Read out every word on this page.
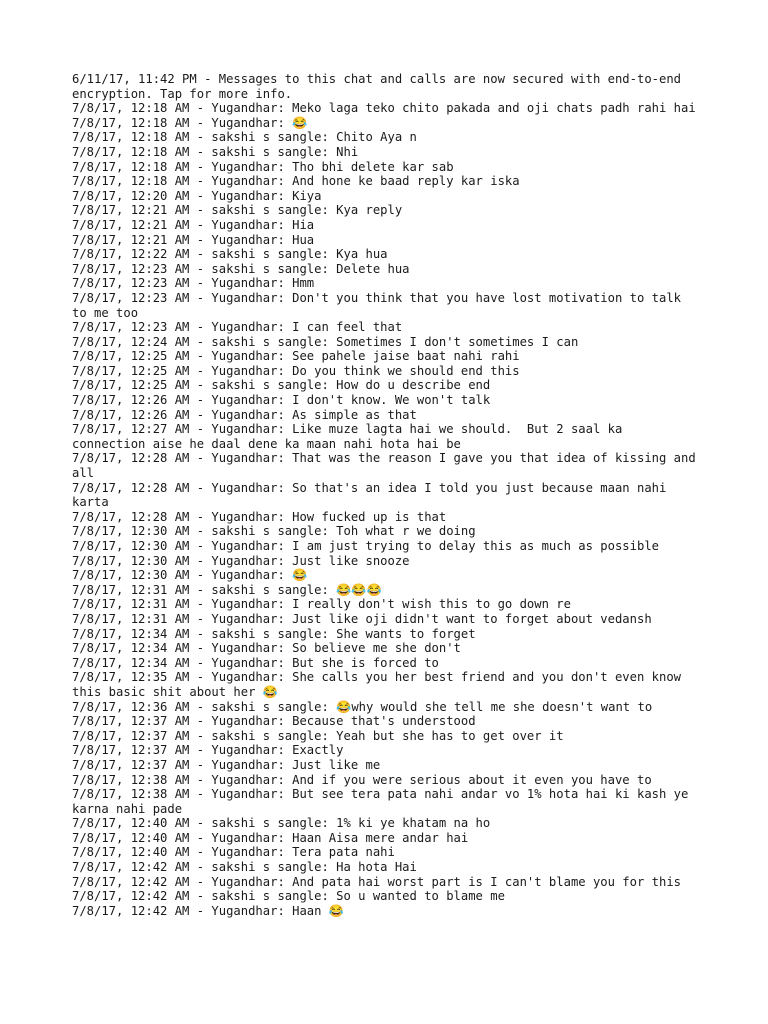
6/11/17, 11:42 PM - Messages to this chat and calls are now secured with end-to-end encryption. Tap for more info.
7/8/17, 12:18 AM - Yugandhar: Meko laga teko chito pakada and oji chats padh rahi hai
7/8/17, 12:18 AM - Yugandhar: 😂
7/8/17, 12:18 AM - sakshi s sangle: Chito Aya n
7/8/17, 12:18 AM - sakshi s sangle: Nhi
7/8/17, 12:18 AM - Yugandhar: Tho bhi delete kar sab
7/8/17, 12:18 AM - Yugandhar: And hone ke baad reply kar iska
7/8/17, 12:20 AM - Yugandhar: Kiya
7/8/17, 12:21 AM - sakshi s sangle: Kya reply
7/8/17, 12:21 AM - Yugandhar: Hia
7/8/17, 12:21 AM - Yugandhar: Hua
7/8/17, 12:22 AM - sakshi s sangle: Kya hua
7/8/17, 12:23 AM - sakshi s sangle: Delete hua
7/8/17, 12:23 AM - Yugandhar: Hmm
7/8/17, 12:23 AM - Yugandhar: Don't you think that you have lost motivation to talk to me too
7/8/17, 12:23 AM - Yugandhar: I can feel that
7/8/17, 12:24 AM - sakshi s sangle: Sometimes I don't sometimes I can
7/8/17, 12:25 AM - Yugandhar: See pahele jaise baat nahi rahi
7/8/17, 12:25 AM - Yugandhar: Do you think we should end this
7/8/17, 12:25 AM - sakshi s sangle: How do u describe end
7/8/17, 12:26 AM - Yugandhar: I don't know. We won't talk
7/8/17, 12:26 AM - Yugandhar: As simple as that
7/8/17, 12:27 AM - Yugandhar: Like muze lagta hai we should.  But 2 saal ka connection aise he daal dene ka maan nahi hota hai be
7/8/17, 12:28 AM - Yugandhar: That was the reason I gave you that idea of kissing and all
7/8/17, 12:28 AM - Yugandhar: So that's an idea I told you just because maan nahi karta
7/8/17, 12:28 AM - Yugandhar: How fucked up is that
7/8/17, 12:30 AM - sakshi s sangle: Toh what r we doing
7/8/17, 12:30 AM - Yugandhar: I am just trying to delay this as much as possible
7/8/17, 12:30 AM - Yugandhar: Just like snooze
7/8/17, 12:30 AM - Yugandhar: 😂
7/8/17, 12:31 AM - sakshi s sangle: 😂😂😂
7/8/17, 12:31 AM - Yugandhar: I really don't wish this to go down re
7/8/17, 12:31 AM - Yugandhar: Just like oji didn't want to forget about vedansh
7/8/17, 12:34 AM - sakshi s sangle: She wants to forget
7/8/17, 12:34 AM - Yugandhar: So believe me she don't
7/8/17, 12:34 AM - Yugandhar: But she is forced to
7/8/17, 12:35 AM - Yugandhar: She calls you her best friend and you don't even know this basic shit about her 😂
7/8/17, 12:36 AM - sakshi s sangle: 😂why would she tell me she doesn't want to
7/8/17, 12:37 AM - Yugandhar: Because that's understood
7/8/17, 12:37 AM - sakshi s sangle: Yeah but she has to get over it
7/8/17, 12:37 AM - Yugandhar: Exactly
7/8/17, 12:37 AM - Yugandhar: Just like me
7/8/17, 12:38 AM - Yugandhar: And if you were serious about it even you have to
7/8/17, 12:38 AM - Yugandhar: But see tera pata nahi andar vo 1% hota hai ki kash ye karna nahi pade
7/8/17, 12:40 AM - sakshi s sangle: 1% ki ye khatam na ho
7/8/17, 12:40 AM - Yugandhar: Haan Aisa mere andar hai
7/8/17, 12:40 AM - Yugandhar: Tera pata nahi
7/8/17, 12:42 AM - sakshi s sangle: Ha hota Hai
7/8/17, 12:42 AM - Yugandhar: And pata hai worst part is I can't blame you for this
7/8/17, 12:42 AM - sakshi s sangle: So u wanted to blame me
7/8/17, 12:42 AM - Yugandhar: Haan 😂
